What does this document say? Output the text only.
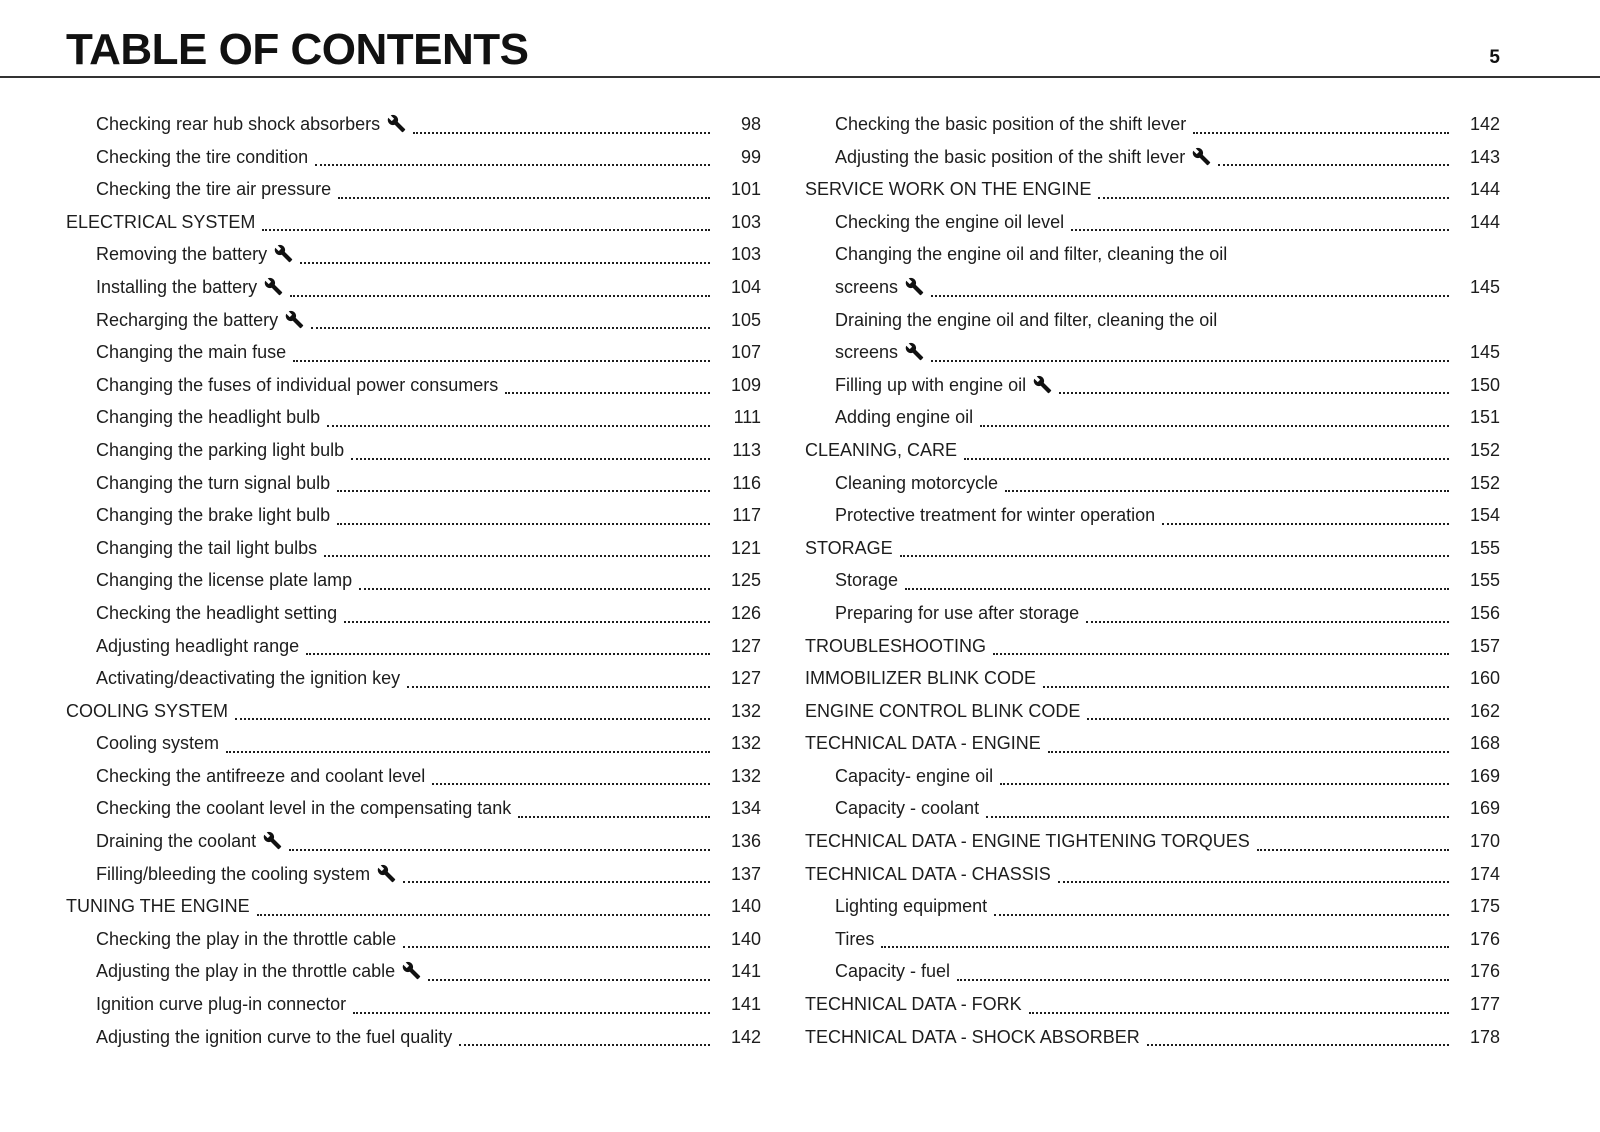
TABLE OF CONTENTS	5
Checking rear hub shock absorbers	98
Checking the tire condition	99
Checking the tire air pressure	101
ELECTRICAL SYSTEM	103
Removing the battery	103
Installing the battery	104
Recharging the battery	105
Changing the main fuse	107
Changing the fuses of individual power consumers	109
Changing the headlight bulb	111
Changing the parking light bulb	113
Changing the turn signal bulb	116
Changing the brake light bulb	117
Changing the tail light bulbs	121
Changing the license plate lamp	125
Checking the headlight setting	126
Adjusting headlight range	127
Activating/deactivating the ignition key	127
COOLING SYSTEM	132
Cooling system	132
Checking the antifreeze and coolant level	132
Checking the coolant level in the compensating tank	134
Draining the coolant	136
Filling/bleeding the cooling system	137
TUNING THE ENGINE	140
Checking the play in the throttle cable	140
Adjusting the play in the throttle cable	141
Ignition curve plug-in connector	141
Adjusting the ignition curve to the fuel quality	142
Checking the basic position of the shift lever	142
Adjusting the basic position of the shift lever	143
SERVICE WORK ON THE ENGINE	144
Checking the engine oil level	144
Changing the engine oil and filter, cleaning the oil
screens	145
Draining the engine oil and filter, cleaning the oil
screens	145
Filling up with engine oil	150
Adding engine oil	151
CLEANING, CARE	152
Cleaning motorcycle	152
Protective treatment for winter operation	154
STORAGE	155
Storage	155
Preparing for use after storage	156
TROUBLESHOOTING	157
IMMOBILIZER BLINK CODE	160
ENGINE CONTROL BLINK CODE	162
TECHNICAL DATA - ENGINE	168
Capacity- engine oil	169
Capacity - coolant	169
TECHNICAL DATA - ENGINE TIGHTENING TORQUES	170
TECHNICAL DATA - CHASSIS	174
Lighting equipment	175
Tires	176
Capacity - fuel	176
TECHNICAL DATA - FORK	177
TECHNICAL DATA - SHOCK ABSORBER	178
